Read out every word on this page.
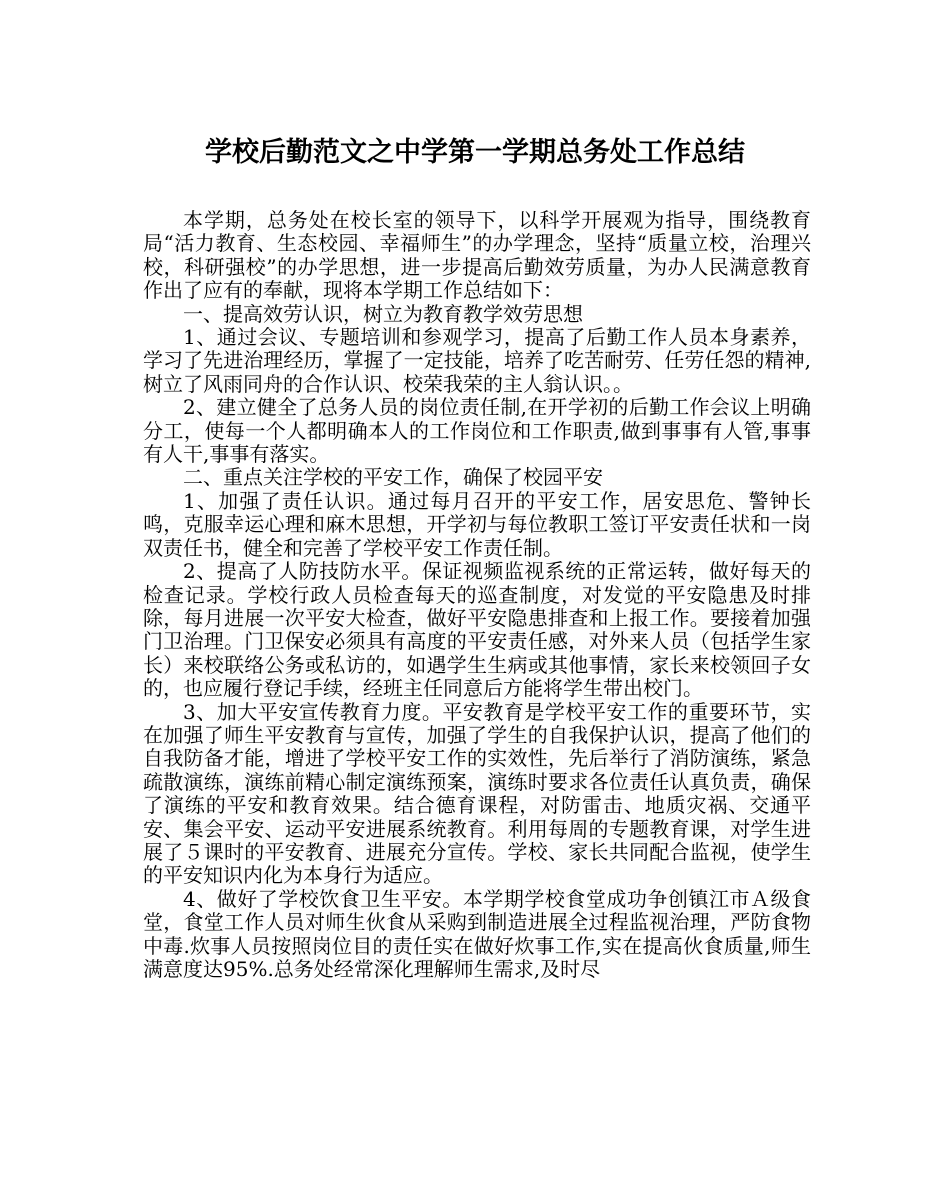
学校后勤范文之中学第一学期总务处工作总结

本学期，总务处在校长室的领导下，以科学开展观为指导，围绕教育局“活力教育、生态校园、幸福师生”的办学理念，坚持“质量立校，治理兴校，科研强校”的办学思想，进一步提高后勤效劳质量，为办人民满意教育作出了应有的奉献，现将本学期工作总结如下：

一、提高效劳认识，树立为教育教学效劳思想

1、通过会议、专题培训和参观学习，提高了后勤工作人员本身素养，学习了先进治理经历，掌握了一定技能，培养了吃苦耐劳、任劳任怨的精神,树立了风雨同舟的合作认识、校荣我荣的主人翁认识。。

2、建立健全了总务人员的岗位责任制,在开学初的后勤工作会议上明确分工，使每一个人都明确本人的工作岗位和工作职责,做到事事有人管,事事有人干,事事有落实。

二、重点关注学校的平安工作，确保了校园平安

1、加强了责任认识。通过每月召开的平安工作，居安思危、警钟长鸣，克服幸运心理和麻木思想，开学初与每位教职工签订平安责任状和一岗双责任书，健全和完善了学校平安工作责任制。

2、提高了人防技防水平。保证视频监视系统的正常运转，做好每天的检查记录。学校行政人员检查每天的巡查制度，对发觉的平安隐患及时排除，每月进展一次平安大检查，做好平安隐患排查和上报工作。要接着加强门卫治理。门卫保安必须具有高度的平安责任感，对外来人员（包括学生家长）来校联络公务或私访的，如遇学生生病或其他事情，家长来校领回子女的，也应履行登记手续，经班主任同意后方能将学生带出校门。

3、加大平安宣传教育力度。平安教育是学校平安工作的重要环节，实在加强了师生平安教育与宣传，加强了学生的自我保护认识，提高了他们的自我防备才能，增进了学校平安工作的实效性，先后举行了消防演练，紧急疏散演练，演练前精心制定演练预案，演练时要求各位责任认真负责，确保了演练的平安和教育效果。结合德育课程，对防雷击、地质灾祸、交通平安、集会平安、运动平安进展系统教育。利用每周的专题教育课，对学生进展了５课时的平安教育、进展充分宣传。学校、家长共同配合监视，使学生的平安知识内化为本身行为适应。

4、做好了学校饮食卫生平安。本学期学校食堂成功争创镇江市Ａ级食堂，食堂工作人员对师生伙食从采购到制造进展全过程监视治理，严防食物中毒.炊事人员按照岗位目的责任实在做好炊事工作,实在提高伙食质量,师生满意度达95%.总务处经常深化理解师生需求,及时尽
